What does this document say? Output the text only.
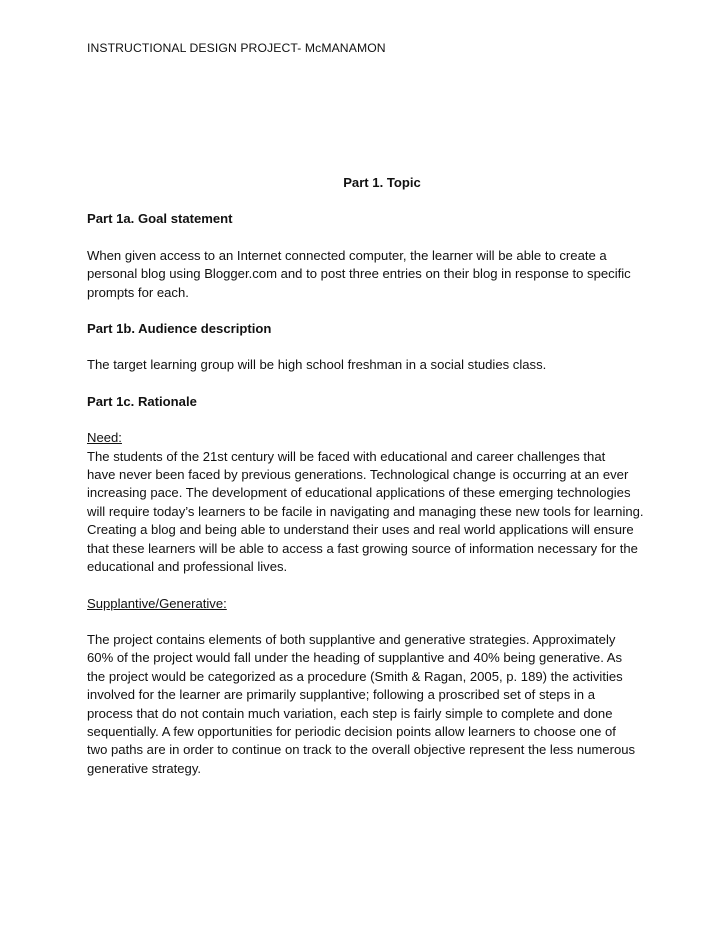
INSTRUCTIONAL DESIGN PROJECT- McMANAMON
Part 1. Topic
Part 1a. Goal statement
When given access to an Internet connected computer, the learner will be able to create a
personal blog using Blogger.com and to post three entries on their blog in response to specific
prompts for each.
Part 1b. Audience description
The target learning group will be high school freshman in a social studies class.
Part 1c. Rationale
Need:
The students of the 21st century will be faced with educational and career challenges that
have never been faced by previous generations. Technological change is occurring at an ever
increasing pace. The development of educational applications of these emerging technologies
will require today’s learners to be facile in navigating and managing these new tools for learning.
Creating a blog and being able to understand their uses and real world applications will ensure
that these learners will be able to access a fast growing source of information necessary for the
educational and professional lives.
Supplantive/Generative:
The project contains elements of both supplantive and generative strategies. Approximately
60% of the project would fall under the heading of supplantive and 40% being generative. As
the project would be categorized as a procedure (Smith & Ragan, 2005, p. 189) the activities
involved for the learner are primarily supplantive; following a proscribed set of steps in a
process that do not contain much variation, each step is fairly simple to complete and done
sequentially. A few opportunities for periodic decision points allow learners to choose one of
two paths are in order to continue on track to the overall objective represent the less numerous
generative strategy.
